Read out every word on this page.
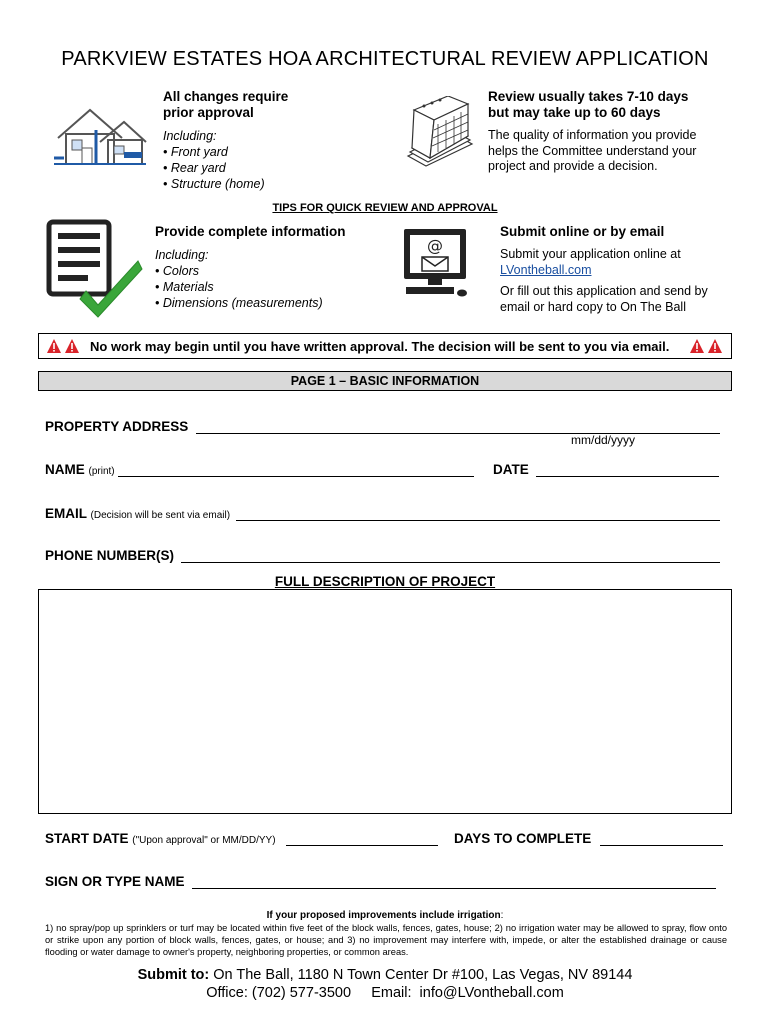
PARKVIEW ESTATES HOA ARCHITECTURAL REVIEW APPLICATION
All changes require
prior approval
Including:
• Front yard
• Rear yard
• Structure (home)
Review usually takes 7-10 days
but may take up to 60 days
The quality of information you provide
helps the Committee understand your
project and provide a decision.
TIPS FOR QUICK REVIEW AND APPROVAL
Provide complete information
Including:
• Colors
• Materials
• Dimensions (measurements)
@
Submit online or by email
Submit your application online at
LVontheball.com
Or fill out this application and send by
email or hard copy to On The Ball
No work may begin until you have written approval. The decision will be sent to you via email.
PAGE 1 – BASIC INFORMATION
PROPERTY ADDRESS
mm/dd/yyyy
NAME (print)	DATE
EMAIL (Decision will be sent via email)
PHONE NUMBER(S)
FULL DESCRIPTION OF PROJECT
START DATE ("Upon approval" or MM/DD/YY)	DAYS TO COMPLETE
SIGN OR TYPE NAME
If your proposed improvements include irrigation:
1) no spray/pop up sprinklers or turf may be located within five feet of the block walls, fences, gates, house; 2) no irrigation water may be allowed to spray, flow onto or strike upon any portion of block walls, fences, gates, or house; and 3) no improvement may interfere with, impede, or alter the established drainage or cause flooding or water damage to owner's property, neighboring properties, or common areas.
Submit to: On The Ball, 1180 N Town Center Dr #100, Las Vegas, NV 89144
Office: (702) 577-3500 Email: info@LVontheball.com
